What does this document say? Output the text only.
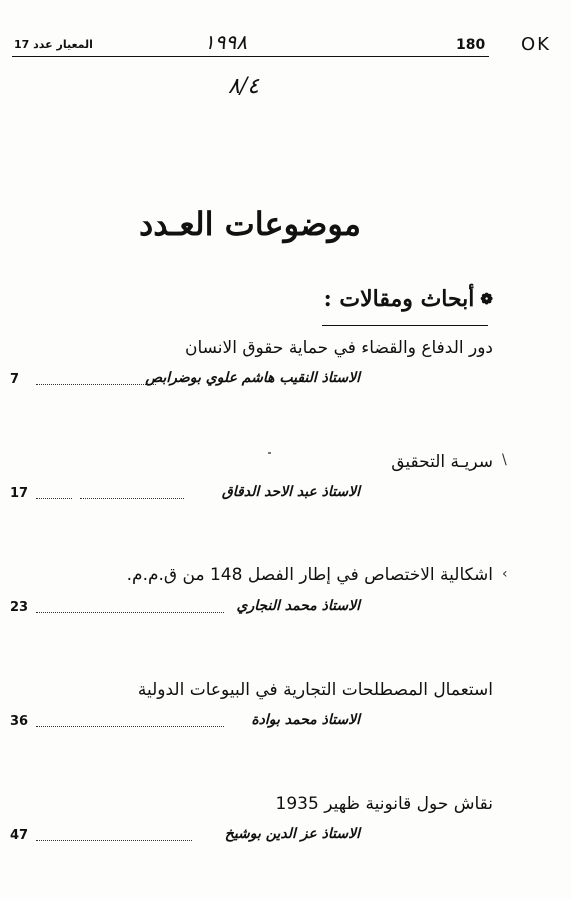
المعيار عدد 17	١٩٩٨	180 OK
٨/٤
موضوعات العـدد
❁أبحاث ومقالات :
دور الدفاع والقضاء في حماية حقوق الانسان
7	الاستاذ النقيب هاشم علوي بوضرابص
\
سريـة التحقيق
17	الاستاذ عبد الاحد الدقاق
‹
اشكالية الاختصاص في إطار الفصل 148 من ق.م.م.
23	الاستاذ محمد النجاري
استعمال المصطلحات التجارية في البيوعات الدولية
36	الاستاذ محمد بوادة
نقاش حول قانونية ظهير 1935
47	الاستاذ عز الدين بوشيخ
